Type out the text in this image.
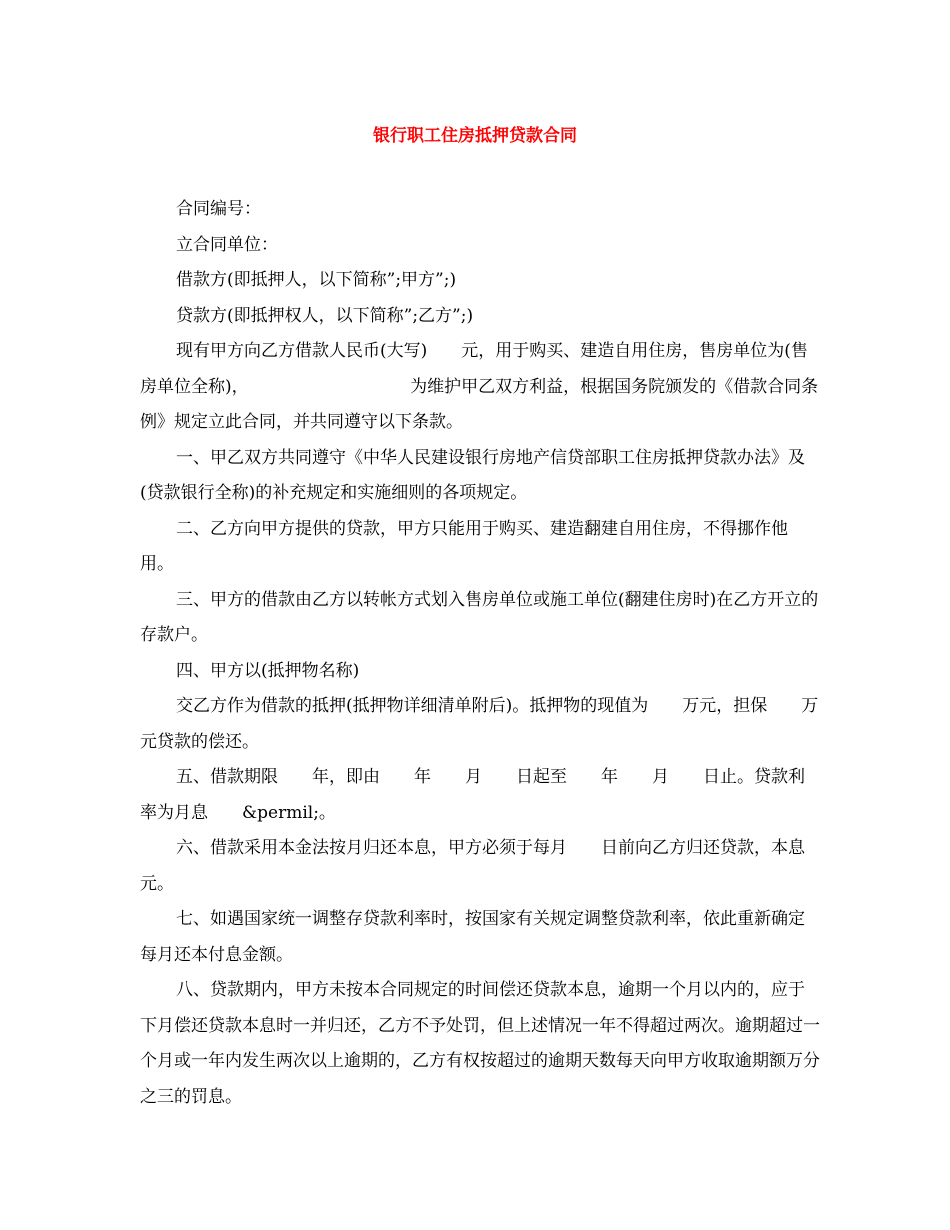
银行职工住房抵押贷款合同

合同编号：

立合同单位：

借款方(即抵押人，以下简称”;甲方”;)

贷款方(即抵押权人，以下简称”;乙方”;)

现有甲方向乙方借款人民币(大写)　　元，用于购买、建造自用住房，售房单位为(售房单位全称)，　　　　　　　　　　为维护甲乙双方利益，根据国务院颁发的《借款合同条例》规定立此合同，并共同遵守以下条款。

一、甲乙双方共同遵守《中华人民建设银行房地产信贷部职工住房抵押贷款办法》及(贷款银行全称)的补充规定和实施细则的各项规定。

二、乙方向甲方提供的贷款，甲方只能用于购买、建造翻建自用住房，不得挪作他用。

三、甲方的借款由乙方以转帐方式划入售房单位或施工单位(翻建住房时)在乙方开立的存款户。

四、甲方以(抵押物名称)

交乙方作为借款的抵押(抵押物详细清单附后)。抵押物的现值为　　万元，担保　　万元贷款的偿还。

五、借款期限　　年，即由　　年　　月　　日起至　　年　　月　　日止。贷款利率为月息　　&permil;。

六、借款采用本金法按月归还本息，甲方必须于每月　　日前向乙方归还贷款，本息　　元。

七、如遇国家统一调整存贷款利率时，按国家有关规定调整贷款利率，依此重新确定每月还本付息金额。

八、贷款期内，甲方未按本合同规定的时间偿还贷款本息，逾期一个月以内的，应于下月偿还贷款本息时一并归还，乙方不予处罚，但上述情况一年不得超过两次。逾期超过一个月或一年内发生两次以上逾期的，乙方有权按超过的逾期天数每天向甲方收取逾期额万分之三的罚息。
